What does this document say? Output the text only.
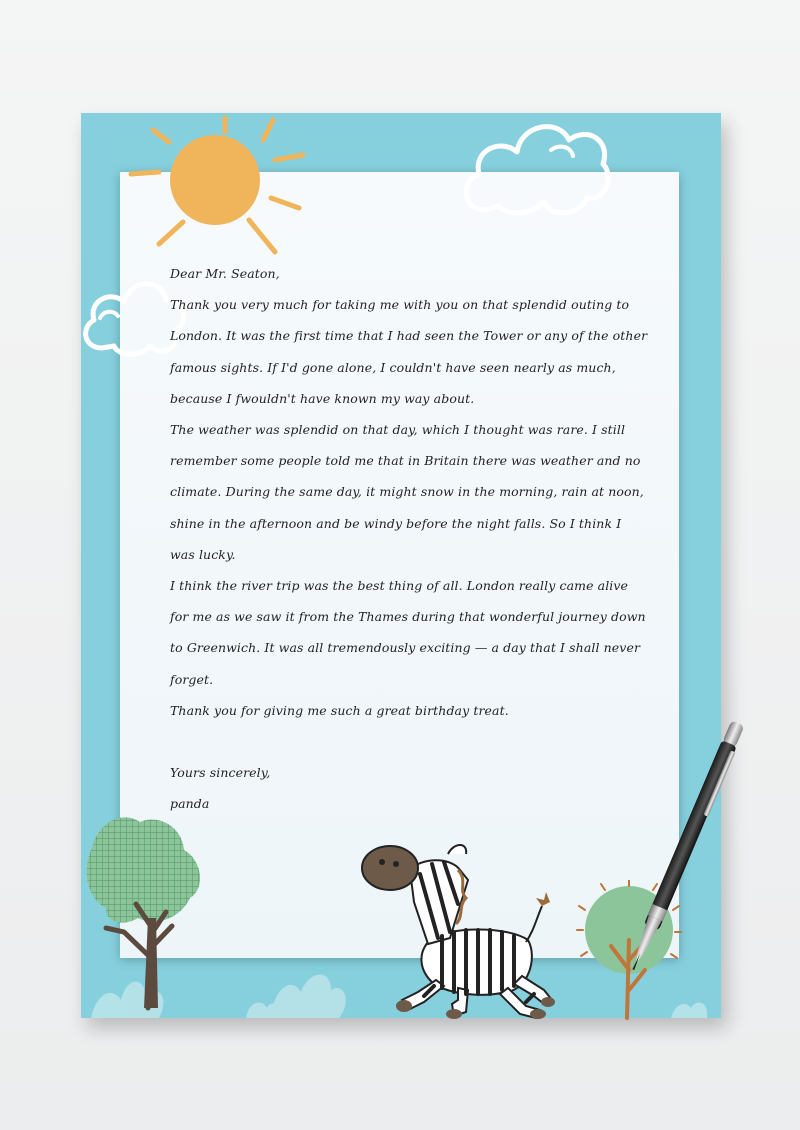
Dear Mr. Seaton,

Thank you very much for taking me with you on that splendid outing to London. It was the first time that I had seen the Tower or any of the other famous sights. If I'd gone alone, I couldn't have seen nearly as much, because I fwouldn't have known my way about.

The weather was splendid on that day, which I thought was rare. I still remember some people told me that in Britain there was weather and no climate. During the same day, it might snow in the morning, rain at noon, shine in the afternoon and be windy before the night falls. So I think I was lucky.

I think the river trip was the best thing of all. London really came alive for me as we saw it from the Thames during that wonderful journey down to Greenwich. It was all tremendously exciting — a day that I shall never forget.

Thank you for giving me such a great birthday treat.

Yours sincerely,

panda
